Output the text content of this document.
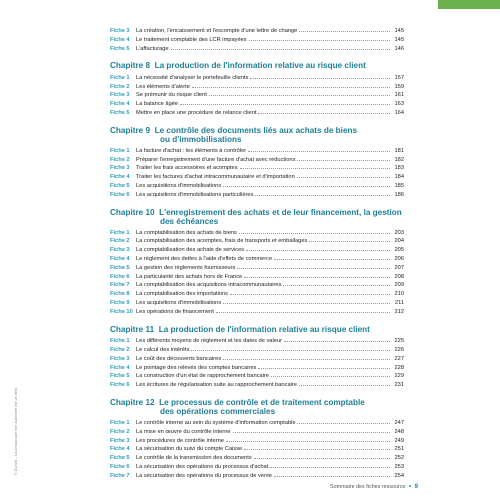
© Dunod – La photocopie non autorisée est un délit.
Fiche 3	La création, l'encaissement et l'escompte d'une lettre de change	145
Fiche 4	Le traitement comptable des LCR impayées	145
Fiche 5	L'affacturage	146
Chapitre 8  La production de l'information relative au risque client
Fiche 1	La nécessité d'analyser le portefeuille clients	157
Fiche 2	Les éléments d'alerte	159
Fiche 3	Se prémunir du risque client	161
Fiche 4	La balance âgée	163
Fiche 5	Mettre en place une procédure de relance client	164
Chapitre 9  Le contrôle des documents liés aux achats de biens
ou d'immobilisations
Fiche 1	La facture d'achat : les éléments à contrôler	181
Fiche 2	Préparer l'enregistrement d'une facture d'achat avec réductions	182
Fiche 3	Traiter les frais accessoires et acomptes	183
Fiche 4	Traiter les factures d'achat intracommunautaire et d'importation	184
Fiche 5	Les acquisitions d'immobilisations	185
Fiche 6	Les acquisitions d'immobilisations particulières	186
Chapitre 10  L'enregistrement des achats et de leur financement, la gestion
des échéances
Fiche 1	La comptabilisation des achats de biens	203
Fiche 2	La comptabilisation des acomptes, frais de transports et emballages	204
Fiche 3	La comptabilisation des achats de services	205
Fiche 4	Le règlement des dettes à l'aide d'effets de commerce	206
Fiche 5	La gestion des règlements fournisseurs	207
Fiche 6	La particularité des achats hors de France	208
Fiche 7	La comptabilisation des acquisitions intracommunautaires	209
Fiche 8	La comptabilisation des importations	210
Fiche 9	Les acquisitions d'immobilisations	211
Fiche 10 Les opérations de financement	212
Chapitre 11  La production de l'information relative au risque client
Fiche 1	Les différents moyens de règlement et les dates de valeur	225
Fiche 2	Le calcul des intérêts	226
Fiche 3	Le coût des découverts bancaires	227
Fiche 4	Le pointage des relevés des comptes bancaires	228
Fiche 5	La construction d'un état de rapprochement bancaire	229
Fiche 6	Les écritures de régularisation suite au rapprochement bancaire	231
Chapitre 12  Le processus de contrôle et de traitement comptable
des opérations commerciales
Fiche 1	Le contrôle interne au sein du système d'information comptable	247
Fiche 2	La mise en œuvre du contrôle interne	248
Fiche 3	Les procédures de contrôle interne	249
Fiche 4	La sécurisation du suivi du compte Caisse	251
Fiche 5	Le contrôle de la transmission des documents	252
Fiche 6	La sécurisation des opérations du processus d'achat	253
Fiche 7	La sécurisation des opérations du processus de vente	254
Sommaire des fiches ressource • 9
